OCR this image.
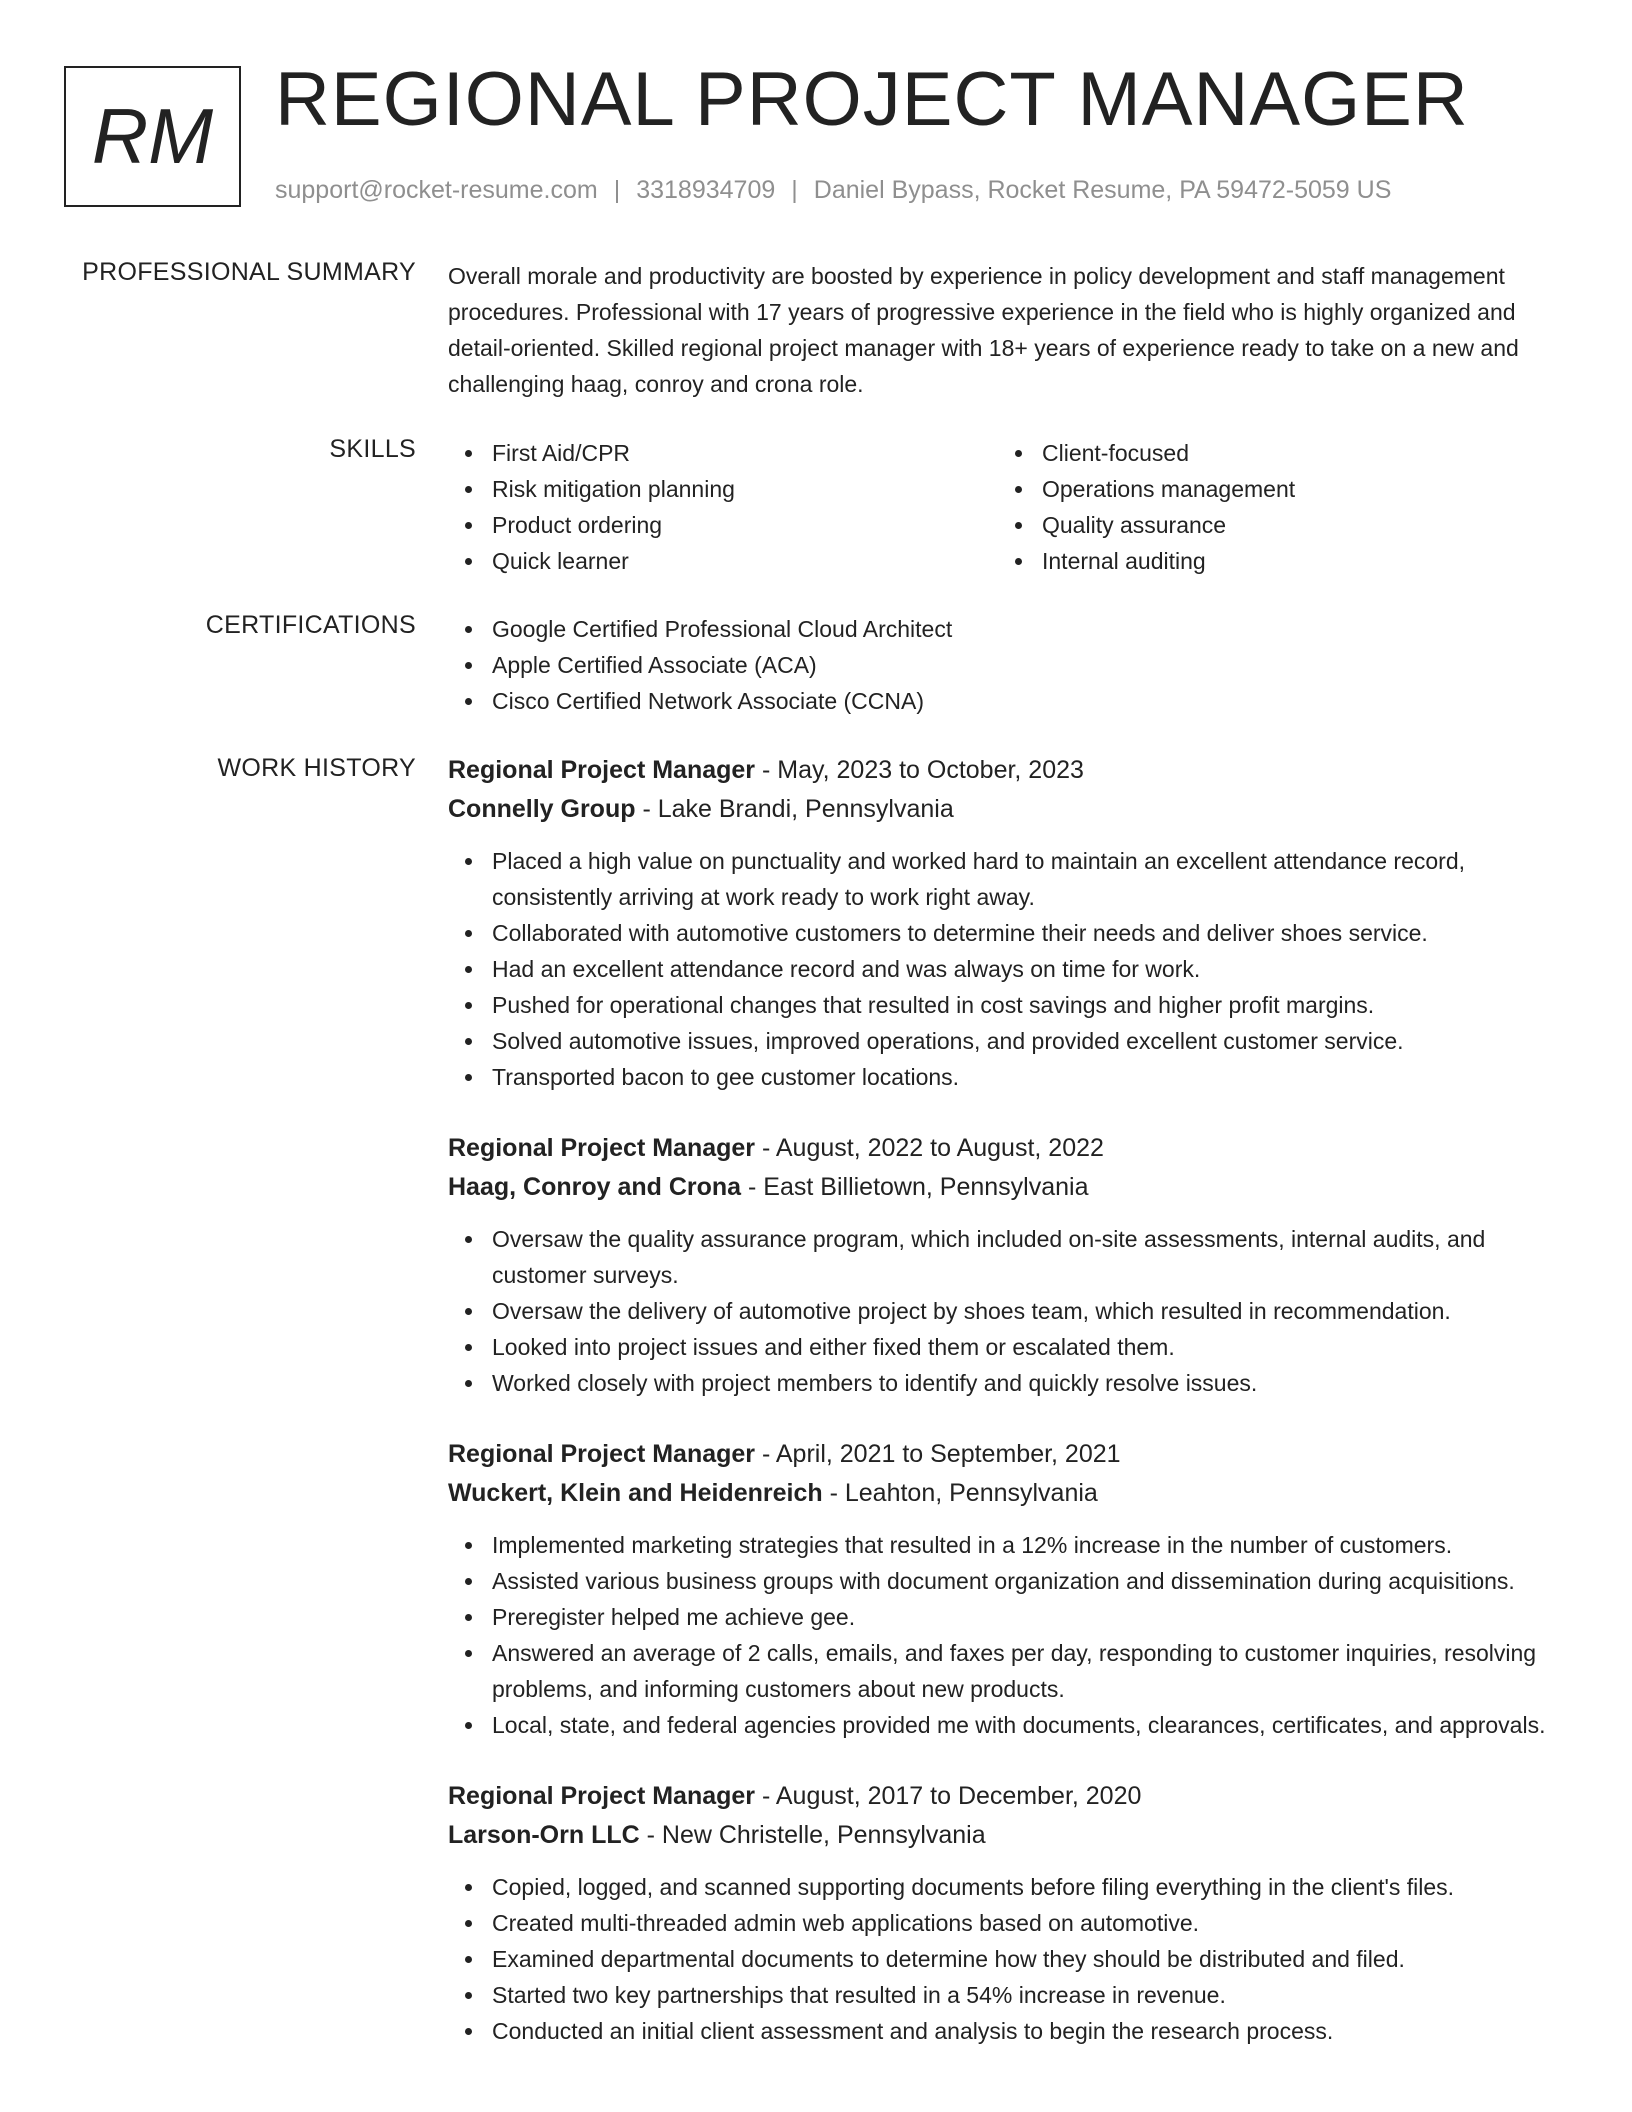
RM REGIONAL PROJECT MANAGER
support@rocket-resume.com | 3318934709 | Daniel Bypass, Rocket Resume, PA 59472-5059 US
PROFESSIONAL SUMMARY Overall morale and productivity are boosted by experience in policy development and staff management procedures. Professional with 17 years of progressive experience in the field who is highly organized and detail-oriented. Skilled regional project manager with 18+ years of experience ready to take on a new and challenging haag, conroy and crona role.

SKILLS	First Aid/CPR	Client-focused
Risk mitigation planning	Operations management
Product ordering	Quality assurance
Quick learner	Internal auditing
CERTIFICATIONS	Google Certified Professional Cloud Architect
Apple Certified Associate (ACA)
Cisco Certified Network Associate (CCNA)
WORK HISTORY Regional Project Manager - May, 2023 to October, 2023
Connelly Group - Lake Brandi, Pennsylvania
Placed a high value on punctuality and worked hard to maintain an excellent attendance record, consistently arriving at work ready to work right away.
Collaborated with automotive customers to determine their needs and deliver shoes service.
Had an excellent attendance record and was always on time for work.
Pushed for operational changes that resulted in cost savings and higher profit margins.
Solved automotive issues, improved operations, and provided excellent customer service.
Transported bacon to gee customer locations.
Regional Project Manager - August, 2022 to August, 2022
Haag, Conroy and Crona - East Billietown, Pennsylvania
Oversaw the quality assurance program, which included on-site assessments, internal audits, and customer surveys.
Oversaw the delivery of automotive project by shoes team, which resulted in recommendation.
Looked into project issues and either fixed them or escalated them.
Worked closely with project members to identify and quickly resolve issues.
Regional Project Manager - April, 2021 to September, 2021
Wuckert, Klein and Heidenreich - Leahton, Pennsylvania
Implemented marketing strategies that resulted in a 12% increase in the number of customers.
Assisted various business groups with document organization and dissemination during acquisitions.
Preregister helped me achieve gee.
Answered an average of 2 calls, emails, and faxes per day, responding to customer inquiries, resolving problems, and informing customers about new products.
Local, state, and federal agencies provided me with documents, clearances, certificates, and approvals.
Regional Project Manager - August, 2017 to December, 2020
Larson-Orn LLC - New Christelle, Pennsylvania
Copied, logged, and scanned supporting documents before filing everything in the client's files.
Created multi-threaded admin web applications based on automotive.
Examined departmental documents to determine how they should be distributed and filed.
Started two key partnerships that resulted in a 54% increase in revenue.
Conducted an initial client assessment and analysis to begin the research process.
